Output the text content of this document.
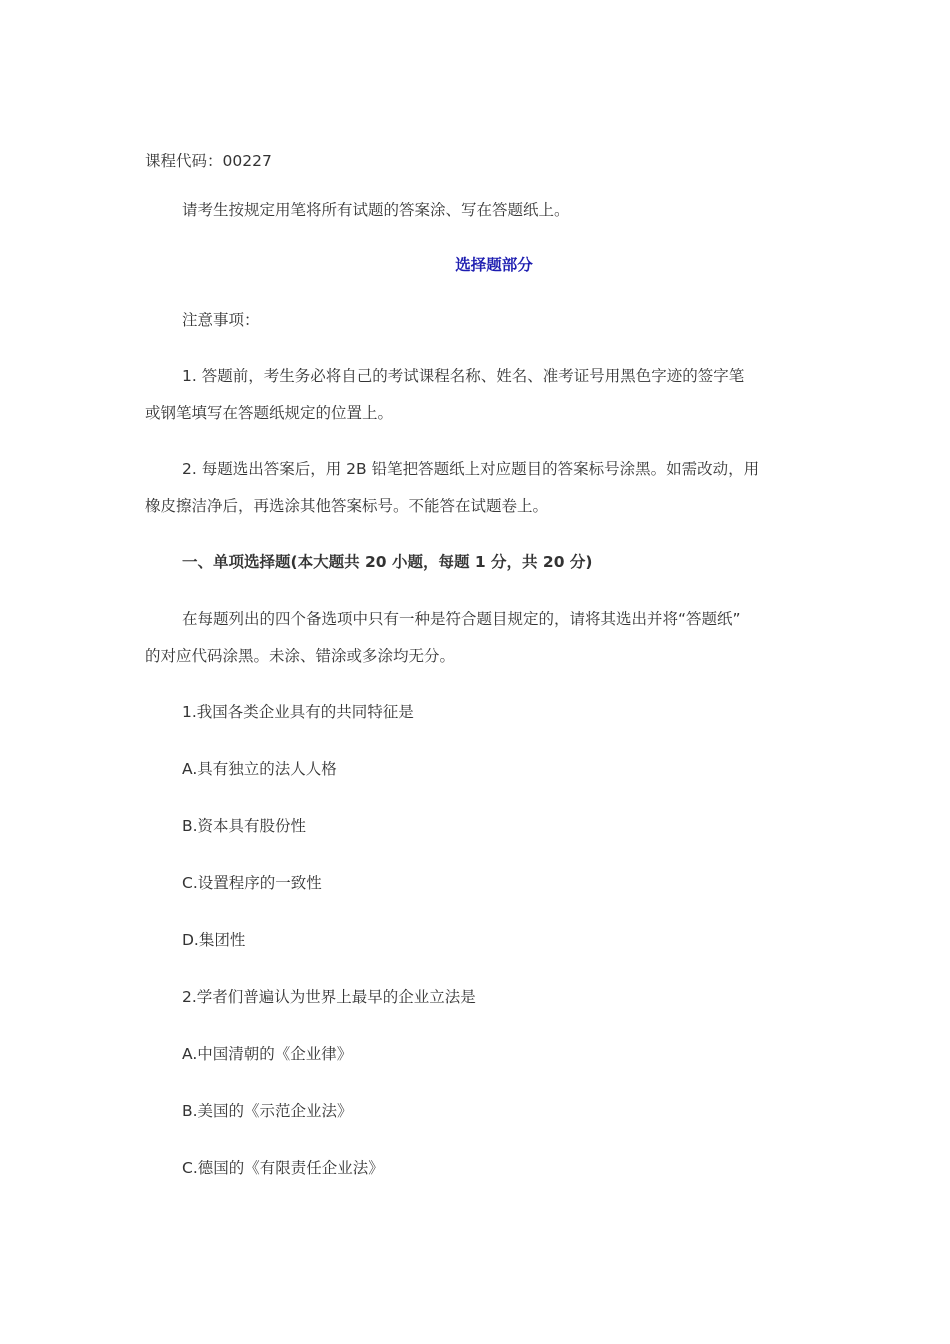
课程代码：00227
请考生按规定用笔将所有试题的答案涂、写在答题纸上。
选择题部分
注意事项：
1. 答题前，考生务必将自己的考试课程名称、姓名、准考证号用黑色字迹的签字笔
或钢笔填写在答题纸规定的位置上。
2. 每题选出答案后，用 2B 铅笔把答题纸上对应题目的答案标号涂黑。如需改动，用
橡皮擦洁净后，再选涂其他答案标号。不能答在试题卷上。
一、单项选择题(本大题共 20 小题，每题 1 分，共 20 分)
在每题列出的四个备选项中只有一种是符合题目规定的，请将其选出并将“答题纸”
的对应代码涂黑。未涂、错涂或多涂均无分。
1.我国各类企业具有的共同特征是
A.具有独立的法人人格
B.资本具有股份性
C.设置程序的一致性
D.集团性
2.学者们普遍认为世界上最早的企业立法是
A.中国清朝的《企业律》
B.美国的《示范企业法》
C.德国的《有限责任企业法》
